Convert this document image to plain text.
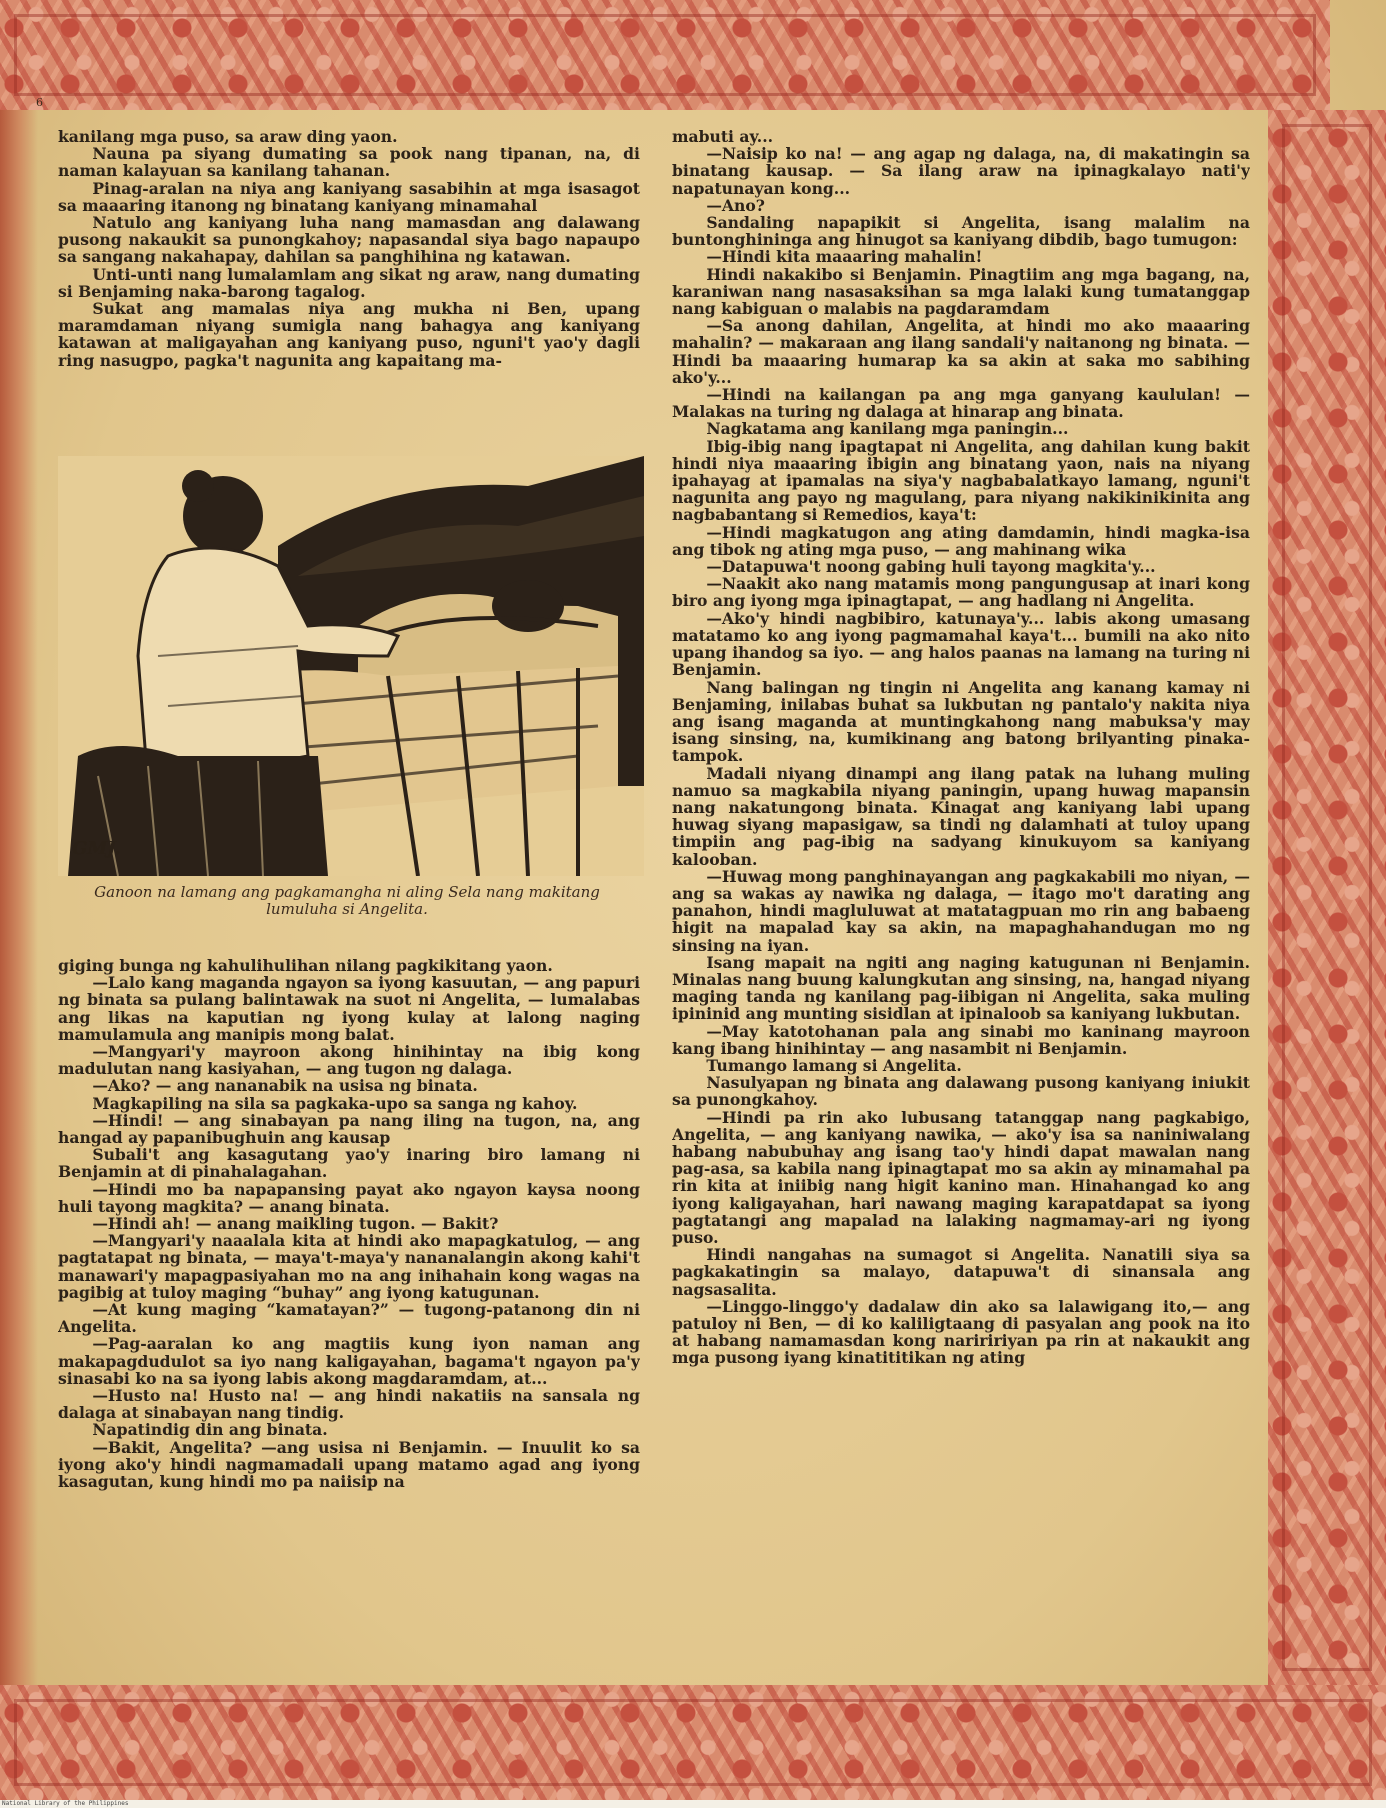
6

kanilang mga puso, sa araw ding yaon.

Nauna pa siyang dumating sa pook nang tipanan, na, di naman kalayuan sa kanilang tahanan.

Pinag-aralan na niya ang kaniyang sasabihin at mga isasagot sa maaaring itanong ng binatang kaniyang minamahal

Natulo ang kaniyang luha nang mamasdan ang dalawang pusong nakaukit sa punongkahoy; napasandal siya bago napaupo sa sangang nakahapay, dahilan sa panghihina ng katawan.

Unti-unti nang lumalamlam ang sikat ng araw, nang dumating si Benjaming naka-barong tagalog.

Sukat ang mamalas niya ang mukha ni Ben, upang maramdaman niyang sumigla nang bahagya ang kaniyang katawan at maligayahan ang kaniyang puso, nguni't yao'y dagli ring nasugpo, pagka't nagunita ang kapaitang ma-

GMJ.
Ganoon na lamang ang pagkamangha ni aling Sela nang makitang lumuluha si Angelita.

giging bunga ng kahulihulihan nilang pagkikitang yaon.

—Lalo kang maganda ngayon sa iyong kasuutan, — ang papuri ng binata sa pulang balintawak na suot ni Angelita, — lumalabas ang likas na kaputian ng iyong kulay at lalong naging mamulamula ang manipis mong balat.

—Mangyari'y mayroon akong hinihintay na ibig kong madulutan nang kasiyahan, — ang tugon ng dalaga.

—Ako? — ang nananabik na usisa ng binata.

Magkapiling na sila sa pagkaka-upo sa sanga ng kahoy.

—Hindi! — ang sinabayan pa nang iling na tugon, na, ang hangad ay papanibughuin ang kausap

Subali't ang kasagutang yao'y inaring biro lamang ni Benjamin at di pinahalagahan.

—Hindi mo ba napapansing payat ako ngayon kaysa noong huli tayong magkita? — anang binata.

—Hindi ah! — anang maikling tugon. — Bakit?

—Mangyari'y naaalala kita at hindi ako mapagkatulog, — ang pagtatapat ng binata, — maya't-maya'y nananalangin akong kahi't manawari'y mapagpasiyahan mo na ang inihahain kong wagas na pagibig at tuloy maging “buhay” ang iyong katugunan.

—At kung maging “kamatayan?” — tugong-patanong din ni Angelita.

—Pag-aaralan ko ang magtiis kung iyon naman ang makapagdudulot sa iyo nang kaligayahan, bagama't ngayon pa'y sinasabi ko na sa iyong labis akong magdaramdam, at...

—Husto na! Husto na! — ang hindi nakatiis na sansala ng dalaga at sinabayan nang tindig.

Napatindig din ang binata.

—Bakit, Angelita? —ang usisa ni Benjamin. — Inuulit ko sa iyong ako'y hindi nagmamadali upang matamo agad ang iyong kasagutan, kung hindi mo pa naiisip na

mabuti ay...

—Naisip ko na! — ang agap ng dalaga, na, di makatingin sa binatang kausap. — Sa ilang araw na ipinagkalayo nati'y napatunayan kong...

—Ano?

Sandaling napapikit si Angelita, isang malalim na buntonghininga ang hinugot sa kaniyang dibdib, bago tumugon:

—Hindi kita maaaring mahalin!

Hindi nakakibo si Benjamin. Pinagtiim ang mga bagang, na, karaniwan nang nasasaksihan sa mga lalaki kung tumatanggap nang kabiguan o malabis na pagdaramdam

—Sa anong dahilan, Angelita, at hindi mo ako maaaring mahalin? — makaraan ang ilang sandali'y naitanong ng binata. — Hindi ba maaaring humarap ka sa akin at saka mo sabihing ako'y...

—Hindi na kailangan pa ang mga ganyang kaululan! —Malakas na turing ng dalaga at hinarap ang binata.

Nagkatama ang kanilang mga paningin...

Ibig-ibig nang ipagtapat ni Angelita, ang dahilan kung bakit hindi niya maaaring ibigin ang binatang yaon, nais na niyang ipahayag at ipamalas na siya'y nagbabalatkayo lamang, nguni't nagunita ang payo ng magulang, para niyang nakikinikinita ang nagbabantang si Remedios, kaya't:

—Hindi magkatugon ang ating damdamin, hindi magka-isa ang tibok ng ating mga puso, — ang mahinang wika

—Datapuwa't noong gabing huli tayong magkita'y...

—Naakit ako nang matamis mong pangungusap at inari kong biro ang iyong mga ipinagtapat, — ang hadlang ni Angelita.

—Ako'y hindi nagbibiro, katunaya'y... labis akong umasang matatamo ko ang iyong pagmamahal kaya't... bumili na ako nito upang ihandog sa iyo. — ang halos paanas na lamang na turing ni Benjamin.

Nang balingan ng tingin ni Angelita ang kanang kamay ni Benjaming, inilabas buhat sa lukbutan ng pantalo'y nakita niya ang isang maganda at muntingkahong nang mabuksa'y may isang sinsing, na, kumikinang ang batong brilyanting pinaka-tampok.

Madali niyang dinampi ang ilang patak na luhang muling namuo sa magkabila niyang paningin, upang huwag mapansin nang nakatungong binata. Kinagat ang kaniyang labi upang huwag siyang mapasigaw, sa tindi ng dalamhati at tuloy upang timpiin ang pag-ibig na sadyang kinukuyom sa kaniyang kalooban.

—Huwag mong panghinayangan ang pagkakabili mo niyan, — ang sa wakas ay nawika ng dalaga, — itago mo't darating ang panahon, hindi magluluwat at matatagpuan mo rin ang babaeng higit na mapalad kay sa akin, na mapaghahandugan mo ng sinsing na iyan.

Isang mapait na ngiti ang naging katugunan ni Benjamin. Minalas nang buung kalungkutan ang sinsing, na, hangad niyang maging tanda ng kanilang pag-iibigan ni Angelita, saka muling ipininid ang munting sisidlan at ipinaloob sa kaniyang lukbutan.

—May katotohanan pala ang sinabi mo kaninang mayroon kang ibang hinihintay — ang nasambit ni Benjamin.

Tumango lamang si Angelita.

Nasulyapan ng binata ang dalawang pusong kaniyang iniukit sa punongkahoy.

—Hindi pa rin ako lubusang tatanggap nang pagkabigo, Angelita, — ang kaniyang nawika, — ako'y isa sa naniniwalang habang nabubuhay ang isang tao'y hindi dapat mawalan nang pag-asa, sa kabila nang ipinagtapat mo sa akin ay minamahal pa rin kita at iniibig nang higit kanino man. Hinahangad ko ang iyong kaligayahan, hari nawang maging karapatdapat sa iyong pagtatangi ang mapalad na lalaking nagmamay-ari ng iyong puso.

Hindi nangahas na sumagot si Angelita. Nanatili siya sa pagkakatingin sa malayo, datapuwa't di sinansala ang nagsasalita.

—Linggo-linggo'y dadalaw din ako sa lalawigang ito,— ang patuloy ni Ben, — di ko kaliligtaang di pasyalan ang pook na ito at habang namamasdan kong nariririyan pa rin at nakaukit ang mga pusong iyang kinatititikan ng ating

National Library of the Philippines
